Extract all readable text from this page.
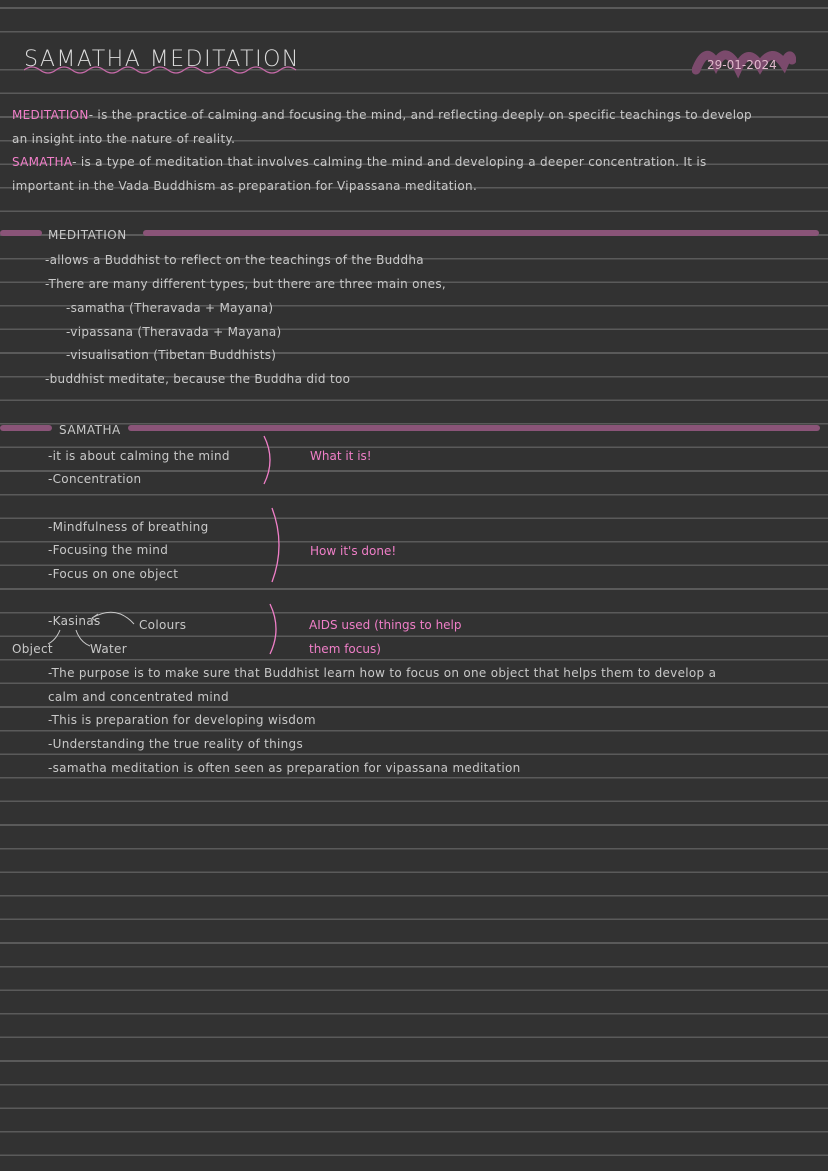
SAMATHA MEDITATION	29-01-2024
MEDITATION- is the practice of calming and focusing the mind, and reflecting deeply on specific teachings to develop
an insight into the nature of reality.
SAMATHA- is a type of meditation that involves calming the mind and developing a deeper concentration. It is
important in the Vada Buddhism as preparation for Vipassana meditation.
MEDITATION
-allows a Buddhist to reflect on the teachings of the Buddha
-There are many different types, but there are three main ones,
-samatha (Theravada + Mayana)
-vipassana (Theravada + Mayana)
-visualisation (Tibetan Buddhists)
-buddhist meditate, because the Buddha did too
SAMATHA
-it is about calming the mind
-Concentration
What it is!
-Mindfulness of breathing
-Focusing the mind
-Focus on one object
How it's done!
-Kasinas	Colours
Object	Water
AIDS used (things to help
them focus)
-The purpose is to make sure that Buddhist learn how to focus on one object that helps them to develop a
calm and concentrated mind
-This is preparation for developing wisdom
-Understanding the true reality of things
-samatha meditation is often seen as preparation for vipassana meditation
